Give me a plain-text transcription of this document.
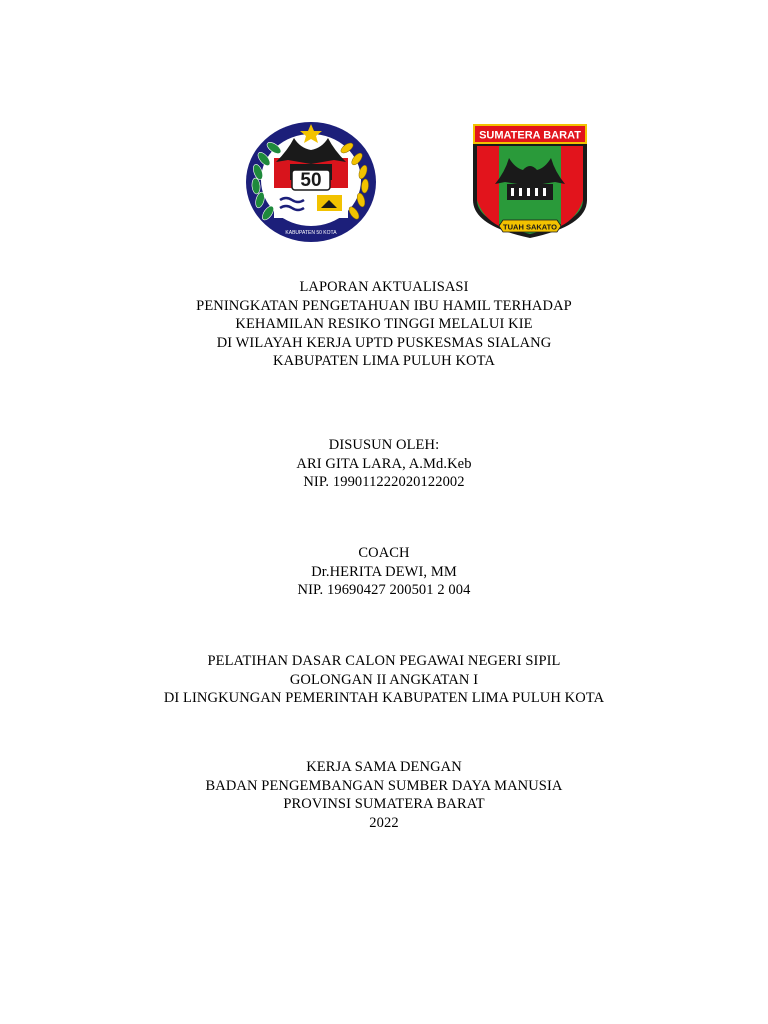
50
KABUPATEN 50 KOTA
SUMATERA BARAT
TUAH SAKATO
LAPORAN AKTUALISASI
PENINGKATAN PENGETAHUAN IBU HAMIL TERHADAP
KEHAMILAN RESIKO TINGGI MELALUI KIE
DI WILAYAH KERJA UPTD PUSKESMAS SIALANG
KABUPATEN LIMA PULUH KOTA
DISUSUN OLEH:
ARI GITA LARA, A.Md.Keb
NIP. 199011222020122002
COACH
Dr.HERITA DEWI, MM
NIP. 19690427 200501 2 004
PELATIHAN DASAR CALON PEGAWAI NEGERI SIPIL
GOLONGAN II ANGKATAN I
DI LINGKUNGAN PEMERINTAH KABUPATEN LIMA PULUH KOTA
KERJA SAMA DENGAN
BADAN PENGEMBANGAN SUMBER DAYA MANUSIA
PROVINSI SUMATERA BARAT
2022
